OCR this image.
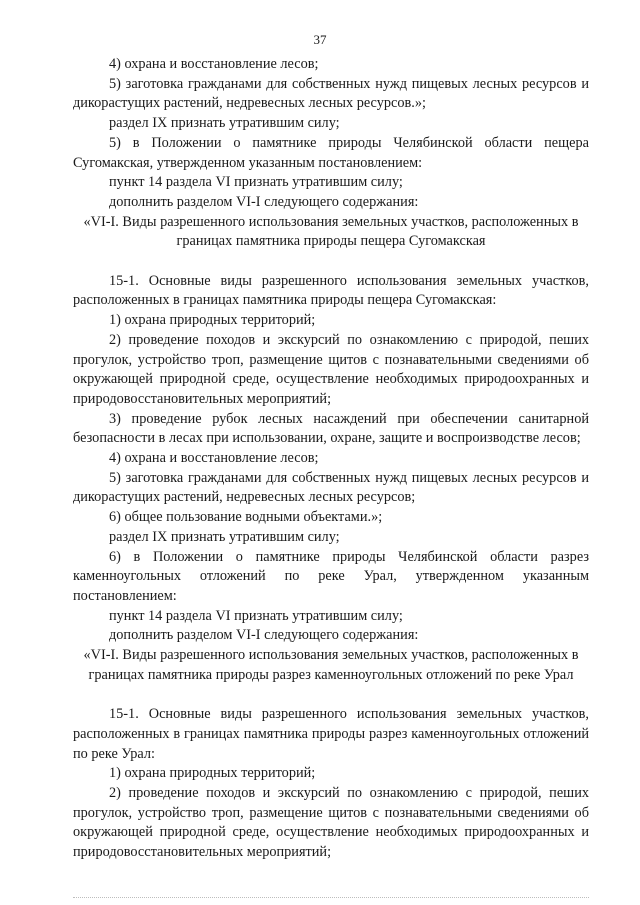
37
4) охрана и восстановление лесов;
5) заготовка гражданами для собственных нужд пищевых лесных ресурсов и дикорастущих растений, недревесных лесных ресурсов.»;
раздел IX признать утратившим силу;
5) в Положении о памятнике природы Челябинской области пещера Сугомакская, утвержденном указанным постановлением:
пункт 14 раздела VI признать утратившим силу;
дополнить разделом VI-I следующего содержания:
«VI-I. Виды разрешенного использования земельных участков, расположенных в границах памятника природы пещера Сугомакская
15-1. Основные виды разрешенного использования земельных участков, расположенных в границах памятника природы пещера Сугомакская:
1) охрана природных территорий;
2) проведение походов и экскурсий по ознакомлению с природой, пеших прогулок, устройство троп, размещение щитов с познавательными сведениями об окружающей природной среде, осуществление необходимых природоохранных и природовосстановительных мероприятий;
3) проведение рубок лесных насаждений при обеспечении санитарной безопасности в лесах при использовании, охране, защите и воспроизводстве лесов;
4) охрана и восстановление лесов;
5) заготовка гражданами для собственных нужд пищевых лесных ресурсов и дикорастущих растений, недревесных лесных ресурсов;
6) общее пользование водными объектами.»;
раздел IX признать утратившим силу;
6) в Положении о памятнике природы Челябинской области разрез каменноугольных отложений по реке Урал, утвержденном указанным постановлением:
пункт 14 раздела VI признать утратившим силу;
дополнить разделом VI-I следующего содержания:
«VI-I. Виды разрешенного использования земельных участков, расположенных в границах памятника природы разрез каменноугольных отложений по реке Урал
15-1. Основные виды разрешенного использования земельных участков, расположенных в границах памятника природы разрез каменноугольных отложений по реке Урал:
1) охрана природных территорий;
2) проведение походов и экскурсий по ознакомлению с природой, пеших прогулок, устройство троп, размещение щитов с познавательными сведениями об окружающей природной среде, осуществление необходимых природоохранных и природовосстановительных мероприятий;
